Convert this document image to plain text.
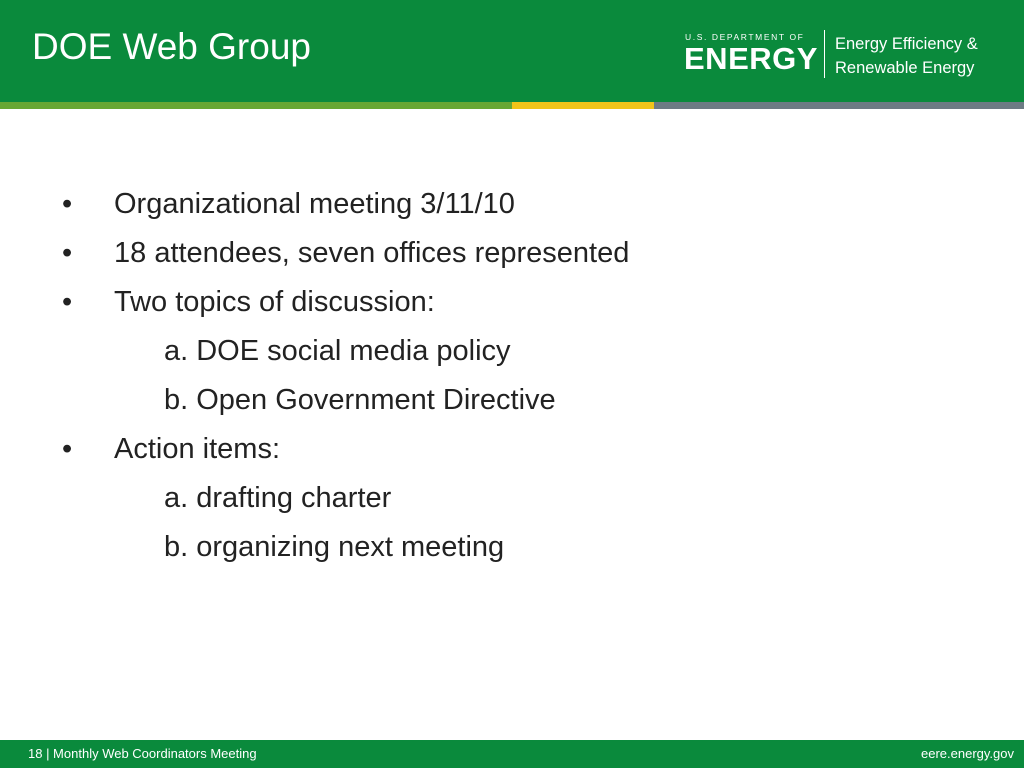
DOE Web Group	U.S. DEPARTMENT OF
ENERGY Energy Efficiency &
Renewable Energy
• Organizational meeting 3/11/10
• 18 attendees, seven offices represented
• Two topics of discussion:
a. DOE social media policy
b. Open Government Directive
• Action items:
a. drafting charter
b. organizing next meeting
18 | Monthly Web Coordinators Meeting	eere.energy.gov
